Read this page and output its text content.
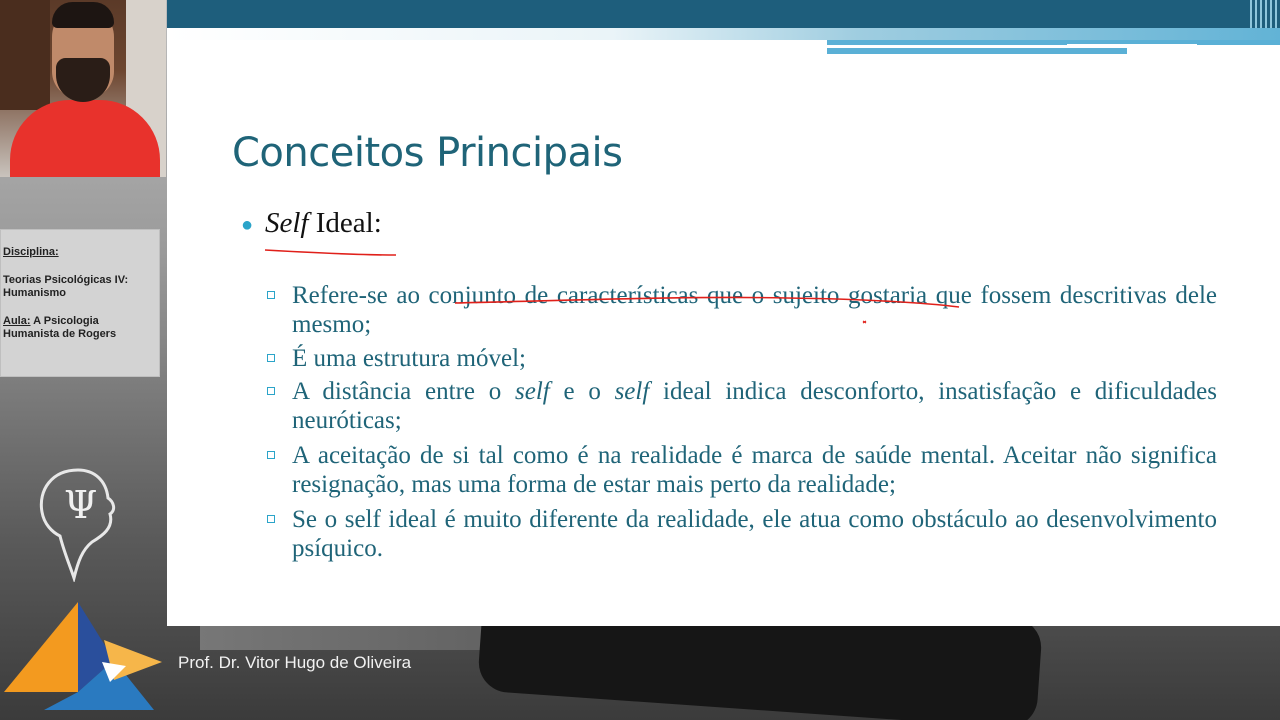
Disciplina:
Teorias Psicológicas IV: Humanismo
Aula: A Psicologia Humanista de Rogers
Ψ
Prof. Dr. Vitor Hugo de Oliveira
Conceitos Principais
● Self Ideal:
Refere-se ao conjunto de características que o sujeito gostaria que fossem descritivas dele mesmo;
É uma estrutura móvel;
A distância entre o self e o self ideal indica desconforto, insatisfação e dificuldades neuróticas;
A aceitação de si tal como é na realidade é marca de saúde mental. Aceitar não significa resignação, mas uma forma de estar mais perto da realidade;
Se o self ideal é muito diferente da realidade, ele atua como obstáculo ao desenvolvimento psíquico.
